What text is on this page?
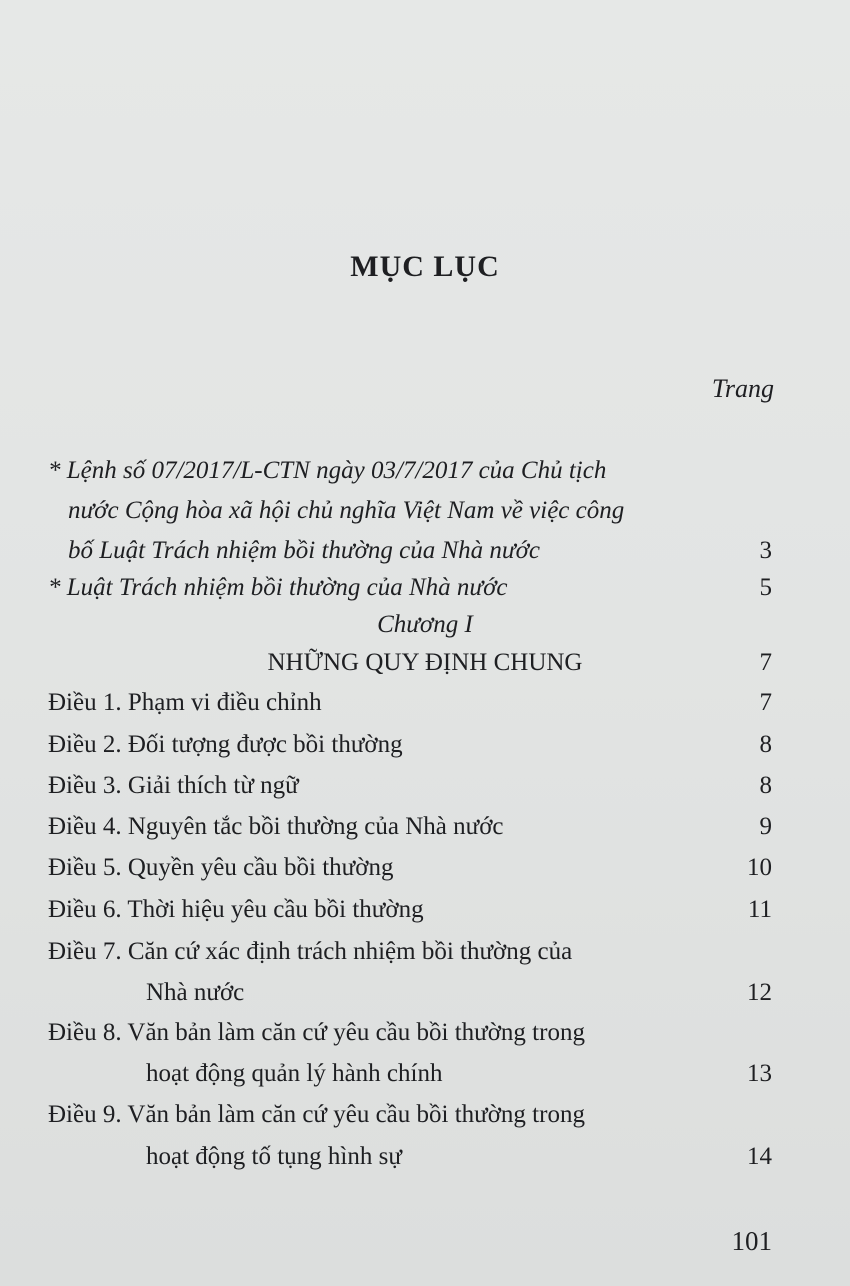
MỤC LỤC
Trang
* Lệnh số 07/2017/L-CTN ngày 03/7/2017 của Chủ tịch
nước Cộng hòa xã hội chủ nghĩa Việt Nam về việc công
bố Luật Trách nhiệm bồi thường của Nhà nước	3
* Luật Trách nhiệm bồi thường của Nhà nước	5
Chương I
NHỮNG QUY ĐỊNH CHUNG	7
Điều 1. Phạm vi điều chỉnh	7
Điều 2. Đối tượng được bồi thường	8
Điều 3. Giải thích từ ngữ	8
Điều 4. Nguyên tắc bồi thường của Nhà nước	9
Điều 5. Quyền yêu cầu bồi thường	10
Điều 6. Thời hiệu yêu cầu bồi thường	11
Điều 7. Căn cứ xác định trách nhiệm bồi thường của
Nhà nước	12
Điều 8. Văn bản làm căn cứ yêu cầu bồi thường trong
hoạt động quản lý hành chính	13
Điều 9. Văn bản làm căn cứ yêu cầu bồi thường trong
hoạt động tố tụng hình sự	14
101
